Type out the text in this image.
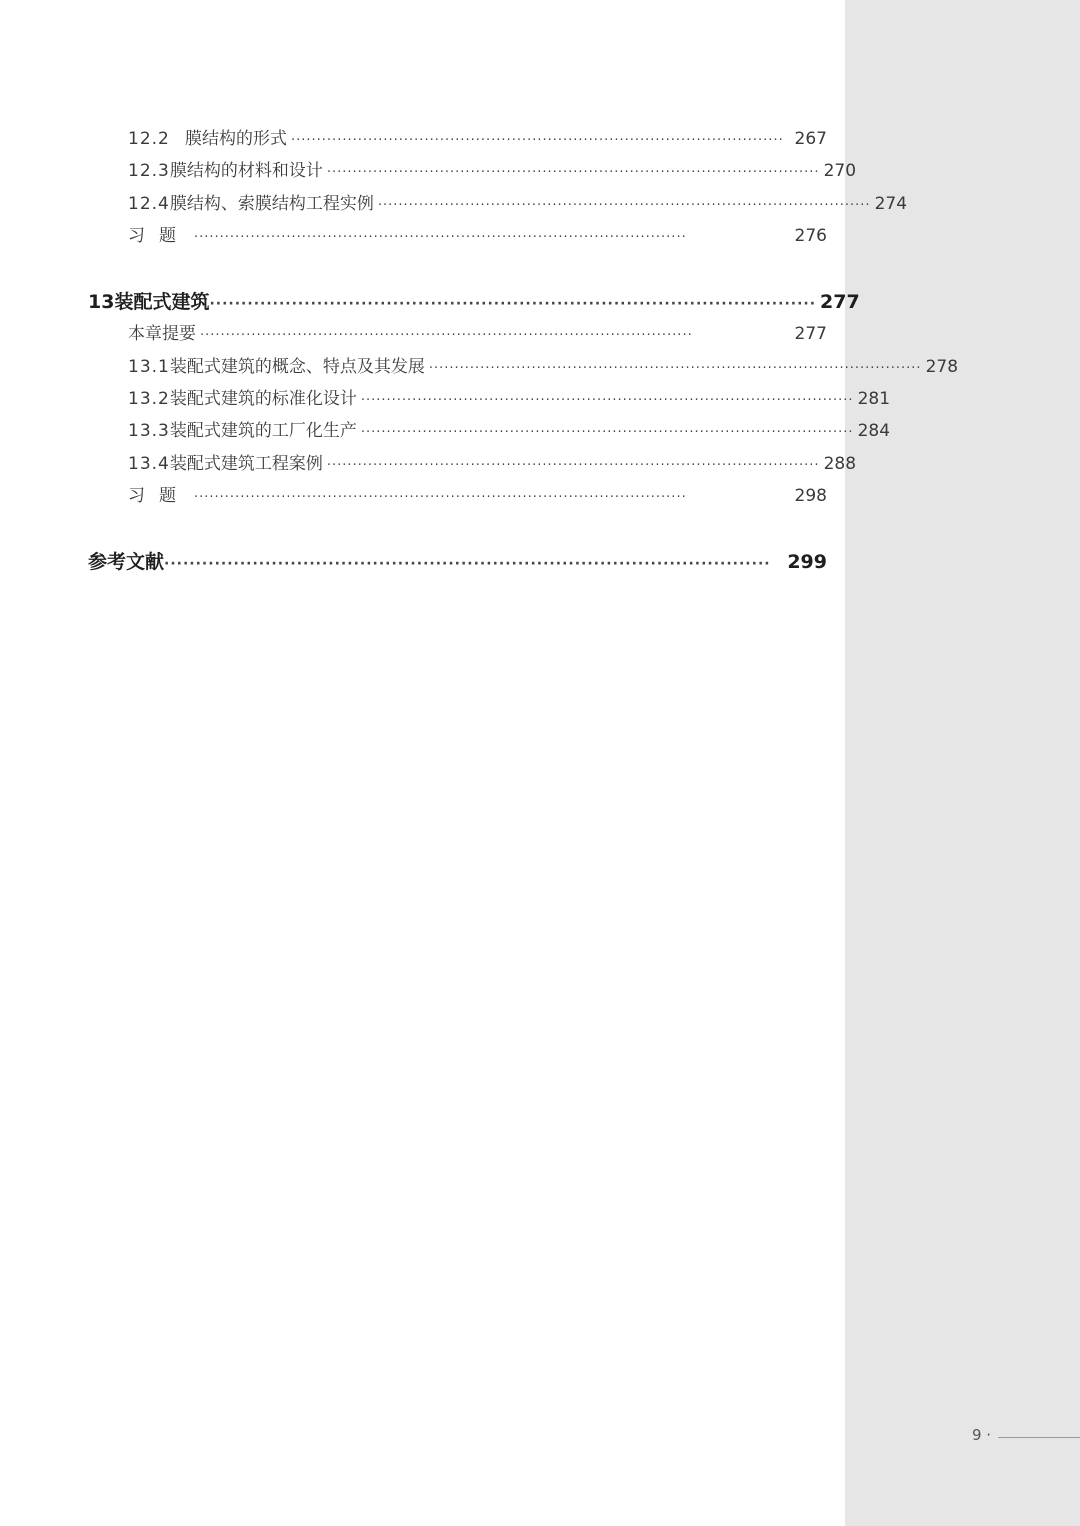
12.2 膜结构的形式 ································································································ 267
12.3 膜结构的材料和设计 ································································································ 270
12.4 膜结构、索膜结构工程实例 ································································································ 274
习题 ································································································	276
13 装配式建筑 ································································································ 277
本章提要 ································································································	277
13.1 装配式建筑的概念、特点及其发展 ································································································ 278
13.2 装配式建筑的标准化设计 ································································································ 281
13.3 装配式建筑的工厂化生产 ································································································ 284
13.4 装配式建筑工程案例 ································································································ 288
习题 ································································································	298
参考文献 ································································································ 299
9 ·
